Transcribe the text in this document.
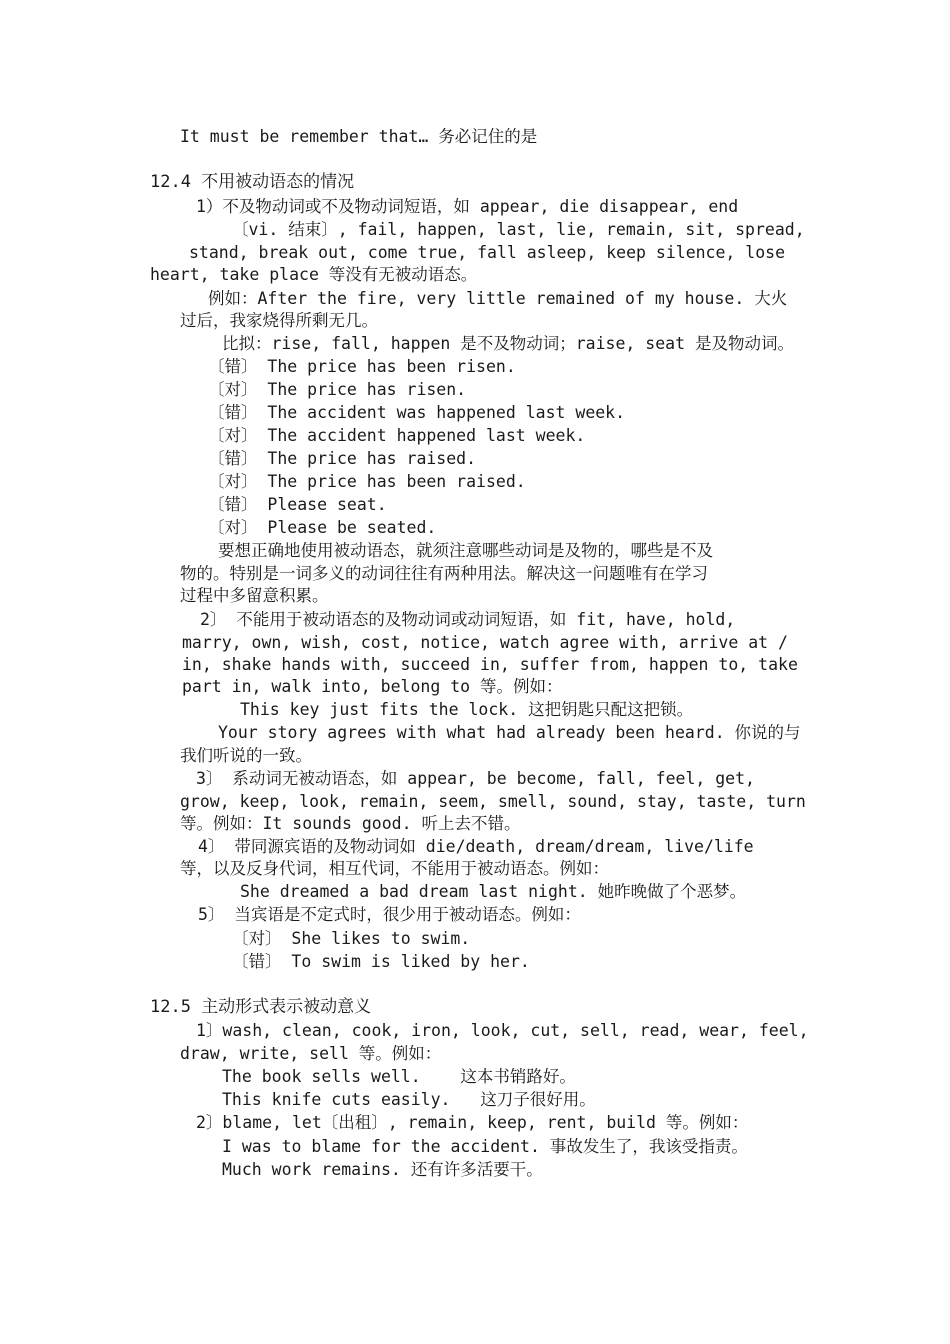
It must be remember that… 务必记住的是

12.4 不用被动语态的情况

1）不及物动词或不及物动词短语，如 appear, die disappear, end

〔vi. 结束〕, fail, happen, last, lie, remain, sit, spread,

stand, break out, come true, fall asleep, keep silence, lose

heart, take place 等没有无被动语态。

例如：After the fire, very little remained of my house. 大火

过后，我家烧得所剩无几。

比拟：rise, fall, happen 是不及物动词；raise, seat 是及物动词。

〔错〕 The price has been risen.

〔对〕 The price has risen.

〔错〕 The accident was happened last week.

〔对〕 The accident happened last week.

〔错〕 The price has raised.

〔对〕 The price has been raised.

〔错〕 Please seat.

〔对〕 Please be seated.

要想正确地使用被动语态，就须注意哪些动词是及物的，哪些是不及

物的。特别是一词多义的动词往往有两种用法。解决这一问题唯有在学习

过程中多留意积累。

2〕 不能用于被动语态的及物动词或动词短语，如 fit, have, hold,

marry, own, wish, cost, notice, watch agree with, arrive at /

in, shake hands with, succeed in, suffer from, happen to, take

part in, walk into, belong to 等。例如：

This key just fits the lock. 这把钥匙只配这把锁。

Your story agrees with what had already been heard. 你说的与

我们听说的一致。

3〕 系动词无被动语态，如 appear, be become, fall, feel, get,

grow, keep, look, remain, seem, smell, sound, stay, taste, turn

等。例如：It sounds good. 听上去不错。

4〕 带同源宾语的及物动词如 die/death, dream/dream, live/life

等，以及反身代词，相互代词，不能用于被动语态。例如：

She dreamed a bad dream last night. 她昨晚做了个恶梦。

5〕 当宾语是不定式时，很少用于被动语态。例如：

〔对〕 She likes to swim.

〔错〕 To swim is liked by her.

12.5 主动形式表示被动意义

1〕wash, clean, cook, iron, look, cut, sell, read, wear, feel,

draw, write, sell 等。例如：

The book sells well.    这本书销路好。

This knife cuts easily.   这刀子很好用。

2〕blame, let〔出租〕, remain, keep, rent, build 等。例如：

I was to blame for the accident. 事故发生了，我该受指责。

Much work remains. 还有许多活要干。
